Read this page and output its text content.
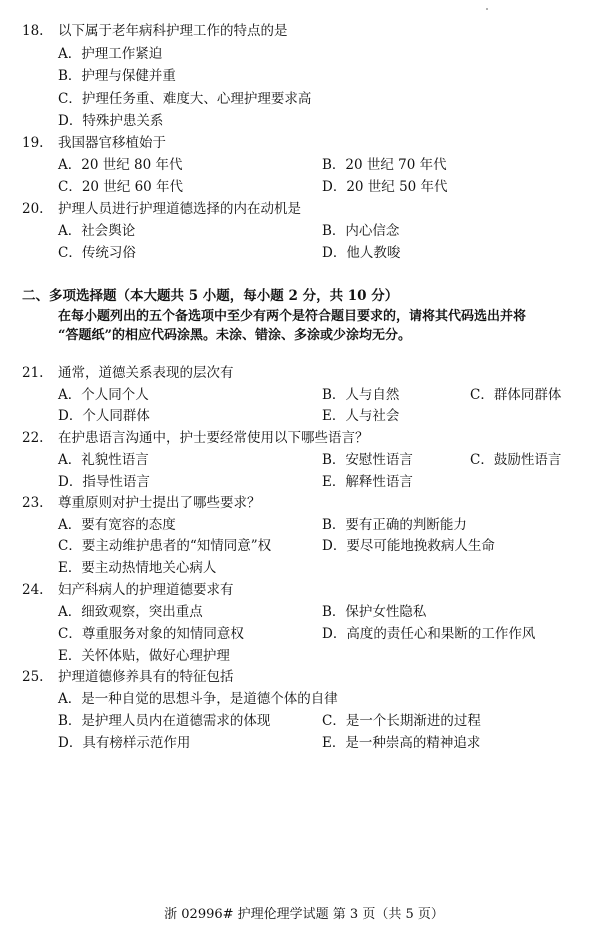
18. 以下属于老年病科护理工作的特点的是
A．护理工作紧迫
B．护理与保健并重
C．护理任务重、难度大、心理护理要求高
D．特殊护患关系
19. 我国器官移植始于
A．20 世纪 80 年代	B．20 世纪 70 年代
C．20 世纪 60 年代	D．20 世纪 50 年代
20. 护理人员进行护理道德选择的内在动机是
A．社会舆论	B．内心信念
C．传统习俗	D．他人教唆
二、多项选择题（本大题共 5 小题，每小题 2 分，共 10 分）
在每小题列出的五个备选项中至少有两个是符合题目要求的，请将其代码选出并将
“答题纸”的相应代码涂黑。未涂、错涂、多涂或少涂均无分。
21. 通常，道德关系表现的层次有
A．个人同个人	B．人与自然	C．群体同群体
D．个人同群体	E．人与社会
22. 在护患语言沟通中，护士要经常使用以下哪些语言？
A．礼貌性语言	B．安慰性语言	C．鼓励性语言
D．指导性语言	E．解释性语言
23. 尊重原则对护士提出了哪些要求？
A．要有宽容的态度	B．要有正确的判断能力
C．要主动维护患者的“知情同意”权	D．要尽可能地挽救病人生命
E．要主动热情地关心病人
24. 妇产科病人的护理道德要求有
A．细致观察，突出重点	B．保护女性隐私
C．尊重服务对象的知情同意权	D．高度的责任心和果断的工作作风
E．关怀体贴，做好心理护理
25. 护理道德修养具有的特征包括
A．是一种自觉的思想斗争，是道德个体的自律
B．是护理人员内在道德需求的体现	C．是一个长期渐进的过程
D．具有榜样示范作用	E．是一种崇高的精神追求
浙 02996# 护理伦理学试题 第 3 页（共 5 页）
